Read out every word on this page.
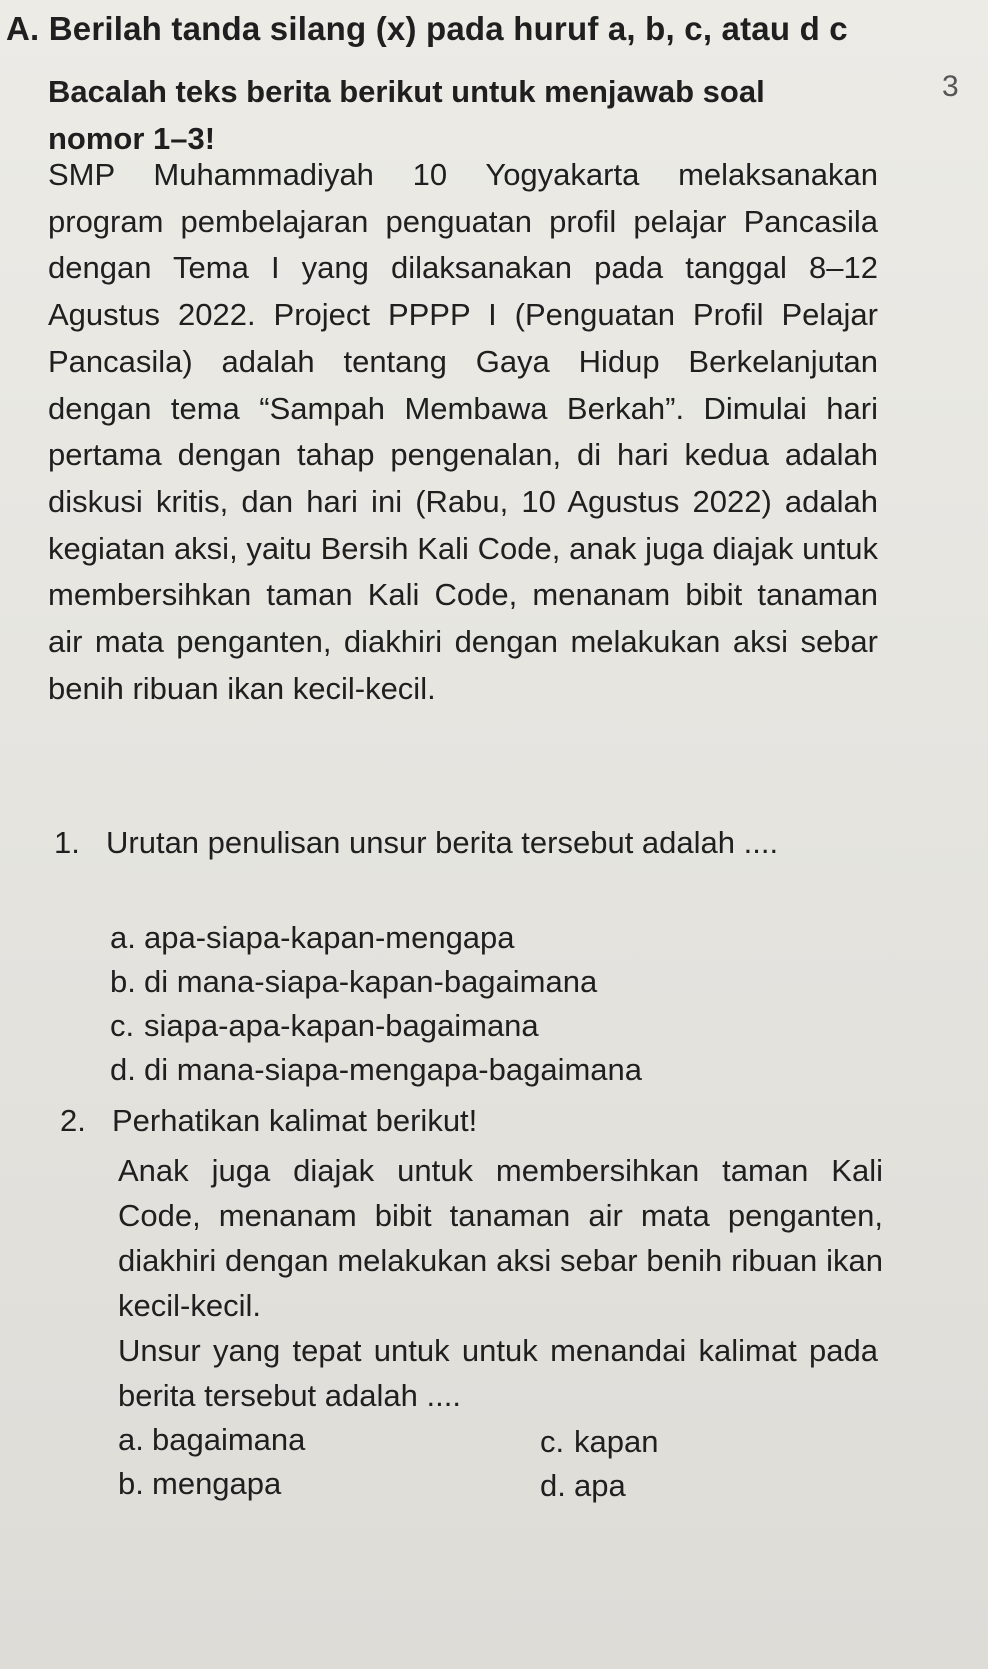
A. Berilah tanda silang (x) pada huruf a, b, c, atau d c
Bacalah teks berita berikut untuk menjawab soal nomor 1–3!
3
SMP Muhammadiyah 10 Yogyakarta melaksanakan program pembelajaran penguatan profil pelajar Pancasila dengan Tema I yang dilaksanakan pada tanggal 8–12 Agustus 2022. Project PPPP I (Penguatan Profil Pelajar Pancasila) adalah tentang Gaya Hidup Berkelanjutan dengan tema “Sampah Membawa Berkah”. Dimulai hari pertama dengan tahap pengenalan, di hari kedua adalah diskusi kritis, dan hari ini (Rabu, 10 Agustus 2022) adalah kegiatan aksi, yaitu Bersih Kali Code, anak juga diajak untuk membersihkan taman Kali Code, menanam bibit tanaman air mata penganten, diakhiri dengan melakukan aksi sebar benih ribuan ikan kecil-kecil.
1. Urutan penulisan unsur berita tersebut adalah ....
a. apa-siapa-kapan-mengapa
b. di mana-siapa-kapan-bagaimana
c. siapa-apa-kapan-bagaimana
d. di mana-siapa-mengapa-bagaimana
2. Perhatikan kalimat berikut!
Anak juga diajak untuk membersihkan taman Kali Code, menanam bibit tanaman air mata penganten, diakhiri dengan melakukan aksi sebar benih ribuan ikan kecil-kecil.
Unsur yang tepat untuk untuk menandai kalimat pada berita tersebut adalah ....
a. bagaimana
b. mengapa
c. kapan
d. apa
